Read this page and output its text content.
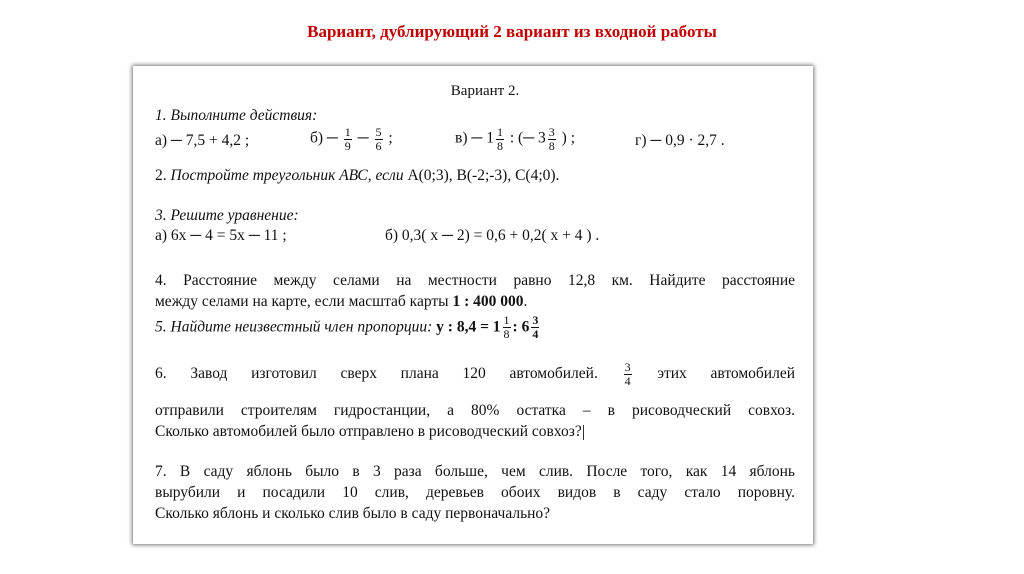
Вариант, дублирующий 2 вариант из входной работы
Вариант 2.
1. Выполните действия:
а) ─ 7,5 + 4,2 ;	б) ─ $\frac{1}{9}$ ─ $\frac{5}{6}$ ;	в) ─ $1 \frac{1}{8}$ : (─ $3 \frac{3}{8}$ ) ;	г) ─ 0,9 · 2,7 .
2. Постройте треугольник АВС, если А(0;3), В(-2;-3), С(4;0).
3. Решите уравнение:
а) 6х ─ 4 = 5х ─ 11 ;	б) 0,3( х ─ 2) = 0,6 + 0,2( х + 4 ) .
4. Расстояние между селами на местности равно 12,8 км. Найдите расстояние
между селами на карте, если масштаб карты 1 : 400 000.
5. Найдите неизвестный член пропорции: у : $8,4 = 1 \frac{1}{8}$ : $6 \frac{3}{4}$
6. Завод изготовил сверх плана 120 автомобилей. $\frac{3}{4}$ этих автомобилей
отправили строителям гидростанции, а 80% остатка – в рисоводческий совхоз.
Сколько автомобилей было отправлено в рисоводческий совхоз?
7. В саду яблонь было в 3 раза больше, чем слив. После того, как 14 яблонь
вырубили и посадили 10 слив, деревьев обоих видов в саду стало поровну.
Сколько яблонь и сколько слив было в саду первоначально?
